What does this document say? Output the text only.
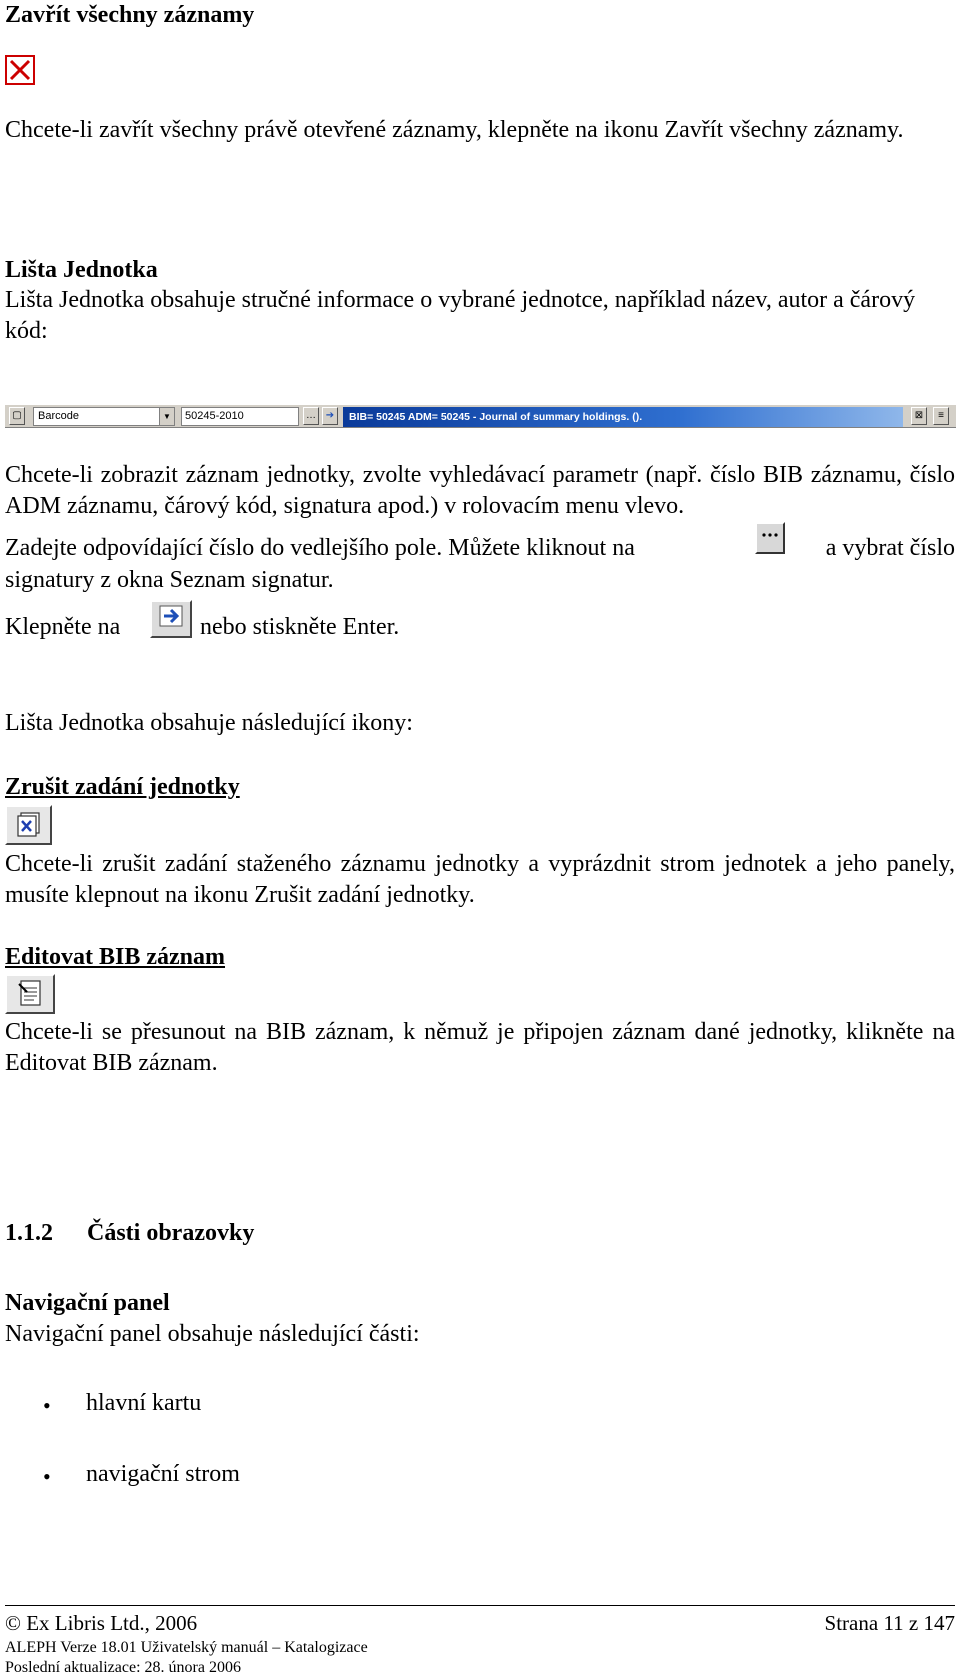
Zavřít všechny záznamy
Chcete-li zavřít všechny právě otevřené záznamy, klepněte na ikonu Zavřít všechny záznamy.
Lišta Jednotka
Lišta Jednotka obsahuje stručné informace o vybrané jednotce, například název, autor a čárový kód:
▢	Barcode	▼	50245-2010	… ➔	BIB= 50245 ADM= 50245 - Journal of summary holdings. ().	⊠	≡
Chcete-li zobrazit záznam jednotky, zvolte vyhledávací parametr (např. číslo BIB záznamu, číslo ADM záznamu, čárový kód, signatura apod.) v rolovacím menu vlevo.
Zadejte odpovídající číslo do vedlejšího pole. Můžete kliknout na	a vybrat číslo
signatury z okna Seznam signatur.
Klepněte na	nebo stiskněte Enter.
Lišta Jednotka obsahuje následující ikony:
Zrušit zadání jednotky
Chcete-li zrušit zadání staženého záznamu jednotky a vyprázdnit strom jednotek a jeho panely, musíte klepnout na ikonu Zrušit zadání jednotky.
Editovat BIB záznam
Chcete-li se přesunout na BIB záznam, k němuž je připojen záznam dané jednotky, klikněte na Editovat BIB záznam.
1.1.2 Části obrazovky
Navigační panel
Navigační panel obsahuje následující části:
• hlavní kartu
• navigační strom
© Ex Libris Ltd., 2006	Strana 11 z 147
ALEPH Verze 18.01 Uživatelský manuál – Katalogizace
Poslední aktualizace: 28. února 2006
